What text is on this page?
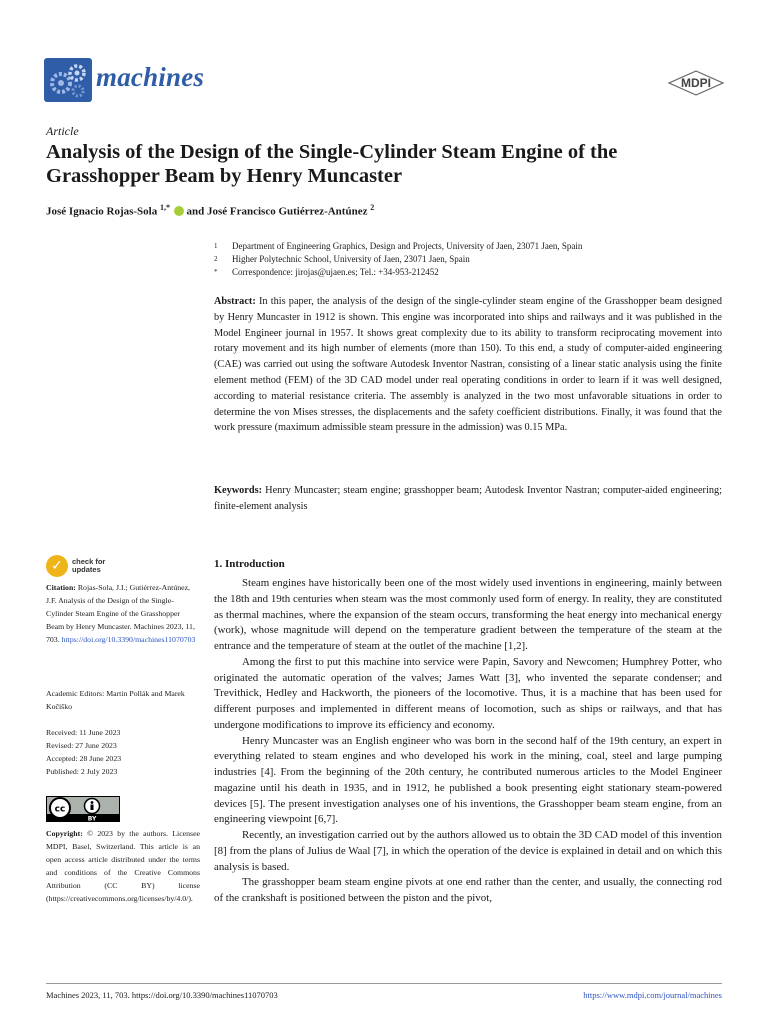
machines	MDPI
Article
Analysis of the Design of the Single-Cylinder Steam Engine of the Grasshopper Beam by Henry Muncaster
José Ignacio Rojas-Sola $^{1,*}$ and José Francisco Gutiérrez-Antúnez $^2$
1	Department of Engineering Graphics, Design and Projects, University of Jaen, 23071 Jaen, Spain
2	Higher Polytechnic School, University of Jaen, 23071 Jaen, Spain
*	Correspondence: jirojas@ujaen.es; Tel.: +34-953-212452
Abstract: In this paper, the analysis of the design of the single-cylinder steam engine of the Grasshopper beam designed by Henry Muncaster in 1912 is shown. This engine was incorporated into ships and railways and it was published in the Model Engineer journal in 1957. It shows great complexity due to its ability to transform reciprocating movement into rotary movement and its high number of elements (more than 150). To this end, a study of computer-aided engineering (CAE) was carried out using the software Autodesk Inventor Nastran, consisting of a linear static analysis using the finite element method (FEM) of the 3D CAD model under real operating conditions in order to learn if it was well designed, according to material resistance criteria. The assembly is analyzed in the two most unfavorable situations in order to determine the von Mises stresses, the displacements and the safety coefficient distributions. Finally, it was found that the work pressure (maximum admissible steam pressure in the admission) was 0.15 MPa.
Keywords: Henry Muncaster; steam engine; grasshopper beam; Autodesk Inventor Nastran; computer-aided engineering; finite-element analysis
✓	check for
updates
Citation: Rojas-Sola, J.I.; Gutiérrez-Antúnez, J.F. Analysis of the Design of the Single-Cylinder Steam Engine of the Grasshopper Beam by Henry Muncaster. Machines 2023, 11, 703. https://doi.org/10.3390/machines11070703
Academic Editors: Martin Pollák and Marek Kočiško
Received: 11 June 2023
Revised: 27 June 2023
Accepted: 28 June 2023
Published: 2 July 2023
cc
BY
Copyright: © 2023 by the authors. Licensee MDPI, Basel, Switzerland. This article is an open access article distributed under the terms and conditions of the Creative Commons Attribution (CC BY) license (https://creativecommons.org/licenses/by/4.0/).
1. Introduction

Steam engines have historically been one of the most widely used inventions in engineering, mainly between the 18th and 19th centuries when steam was the most commonly used form of energy. In reality, they are constituted as thermal machines, where the expansion of the steam occurs, transforming the heat energy into mechanical energy (work), whose magnitude will depend on the temperature gradient between the temperature of the steam at the entrance and the temperature of steam at the outlet of the machine [1,2].

Among the first to put this machine into service were Papin, Savory and Newcomen; Humphrey Potter, who originated the automatic operation of the valves; James Watt [3], who invented the separate condenser; and Trevithick, Hedley and Hackworth, the pioneers of the locomotive. Thus, it is a machine that has been used for different purposes and implemented in different means of locomotion, such as ships or railways, and that has undergone modifications to improve its efficiency and economy.

Henry Muncaster was an English engineer who was born in the second half of the 19th century, an expert in everything related to steam engines and who developed his work in the mining, coal, steel and large pumping industries [4]. From the beginning of the 20th century, he contributed numerous articles to the Model Engineer magazine until his death in 1935, and in 1912, he published a book presenting eight stationary steam-powered devices [5]. The present investigation analyses one of his inventions, the Grasshopper beam steam engine, from an engineering viewpoint [6,7].

Recently, an investigation carried out by the authors allowed us to obtain the 3D CAD model of this invention [8] from the plans of Julius de Waal [7], in which the operation of the device is explained in detail and on which this analysis is based.

The grasshopper beam steam engine pivots at one end rather than the center, and usually, the connecting rod of the crankshaft is positioned between the piston and the pivot,

Machines 2023, 11, 703. https://doi.org/10.3390/machines11070703	https://www.mdpi.com/journal/machines
